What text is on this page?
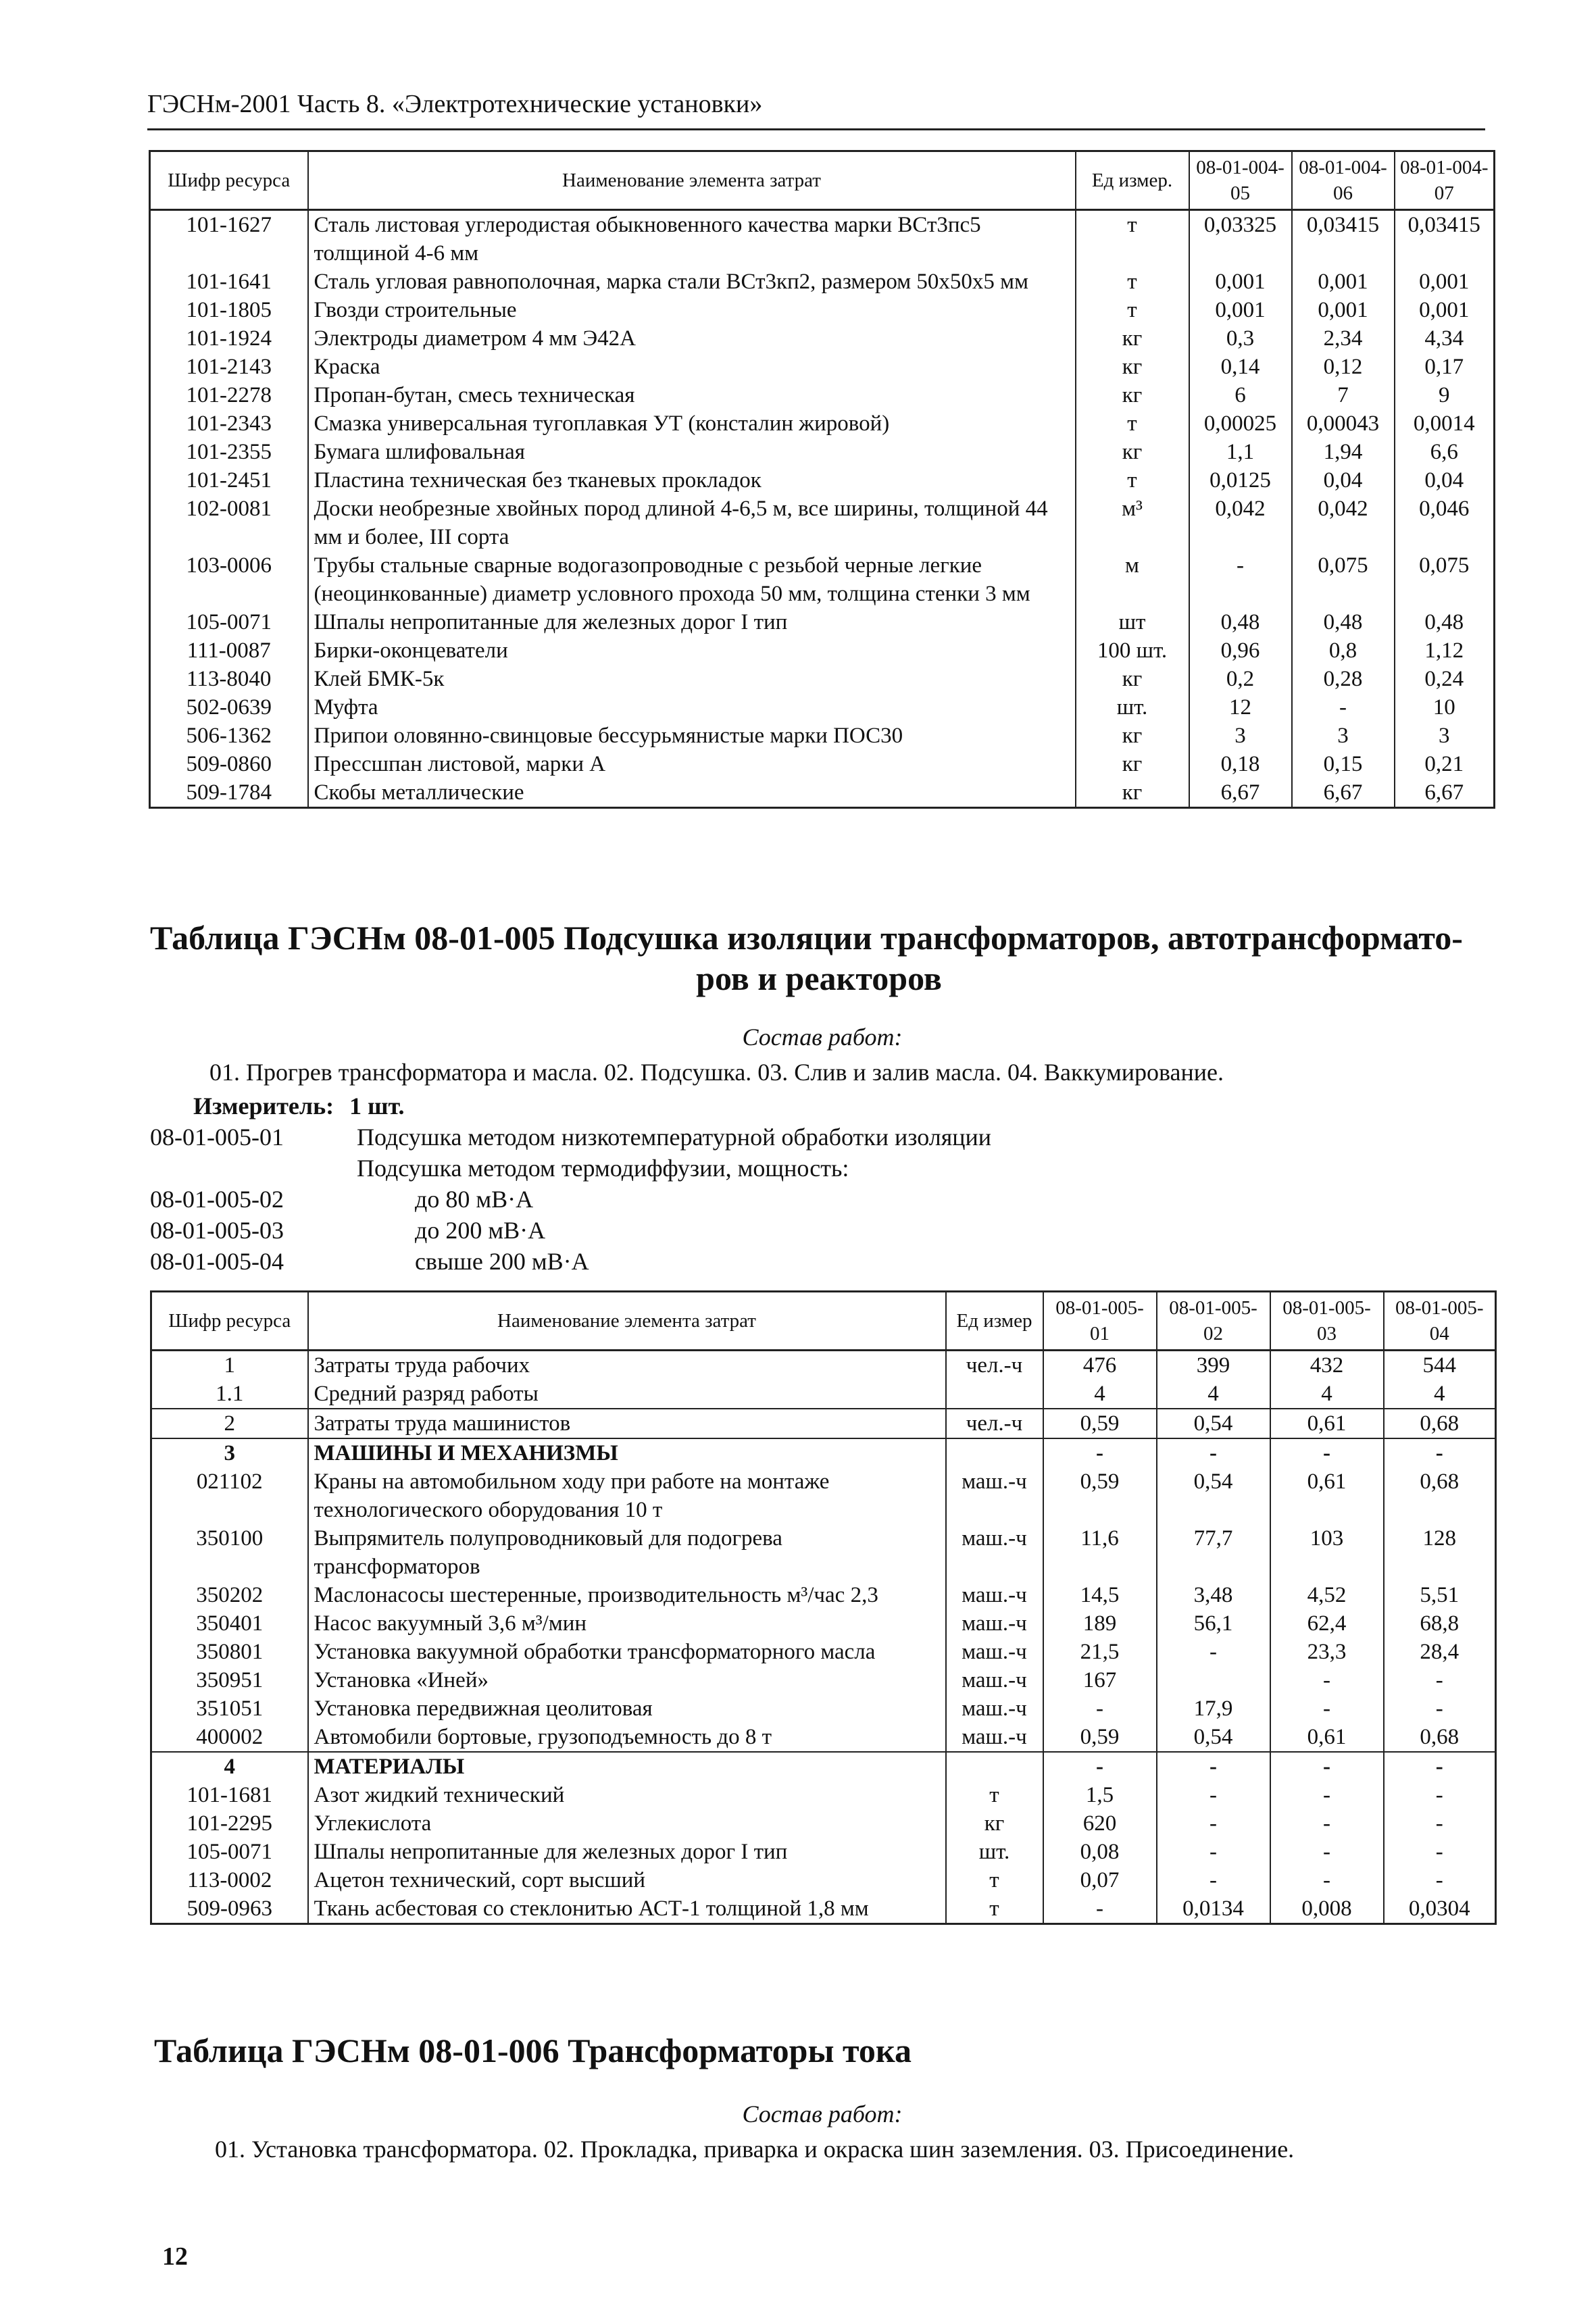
ГЭСНм-2001 Часть 8. «Электротехнические установки»
Шифр ресурса	Наименование элемента затрат	Ед измер.	08-01-004-05	08-01-004-06	08-01-004-07
101-1627	Сталь листовая углеродистая обыкновенного качества марки ВСт3пс5 толщиной 4-6 мм	т	0,03325	0,03415	0,03415
101-1641	Сталь угловая равнополочная, марка стали ВСт3кп2, размером 50х50х5 мм	т	0,001	0,001	0,001
101-1805	Гвозди строительные	т	0,001	0,001	0,001
101-1924	Электроды диаметром 4 мм Э42А	кг	0,3	2,34	4,34
101-2143	Краска	кг	0,14	0,12	0,17
101-2278	Пропан-бутан, смесь техническая	кг	6	7	9
101-2343	Смазка универсальная тугоплавкая УТ (консталин жировой)	т	0,00025	0,00043	0,0014
101-2355	Бумага шлифовальная	кг	1,1	1,94	6,6
101-2451	Пластина техническая без тканевых прокладок	т	0,0125	0,04	0,04
102-0081	Доски необрезные хвойных пород длиной 4-6,5 м, все ширины, толщиной 44 мм и более, III сорта	м³	0,042	0,042	0,046
103-0006	Трубы стальные сварные водогазопроводные с резьбой черные легкие (неоцинкованные) диаметр условного прохода 50 мм, толщина стенки 3 мм	м	-	0,075	0,075
105-0071	Шпалы непропитанные для железных дорог I тип	шт	0,48	0,48	0,48
111-0087	Бирки-оконцеватели	100 шт.	0,96	0,8	1,12
113-8040	Клей БМК-5к	кг	0,2	0,28	0,24
502-0639	Муфта	шт.	12	-	10
506-1362	Припои оловянно-свинцовые бессурьмянистые марки ПОС30	кг	3	3	3
509-0860	Прессшпан листовой, марки А	кг	0,18	0,15	0,21
509-1784	Скобы металлические	кг	6,67	6,67	6,67
Таблица ГЭСНм 08-01-005 Подсушка изоляции трансформаторов, автотрансформато-
ров и реакторов
Состав работ:
01. Прогрев трансформатора и масла. 02. Подсушка. 03. Слив и залив масла. 04. Ваккумирование.
Измеритель: 1 шт.
08-01-005-01	Подсушка методом низкотемпературной обработки изоляции
Подсушка методом термодиффузии, мощность:
08-01-005-02	до 80 мВ·А
08-01-005-03	до 200 мВ·А
08-01-005-04	свыше 200 мВ·А
Шифр ресурса	Наименование элемента затрат	Ед измер	08-01-005-01	08-01-005-02	08-01-005-03	08-01-005-04
1	Затраты труда рабочих	чел.-ч	476	399	432	544
1.1	Средний разряд работы		4	4	4	4
2	Затраты труда машинистов	чел.-ч	0,59	0,54	0,61	0,68
3	МАШИНЫ И МЕХАНИЗМЫ		-	-	-	-
021102	Краны на автомобильном ходу при работе на монтаже технологического оборудования 10 т	маш.-ч	0,59	0,54	0,61	0,68
350100	Выпрямитель полупроводниковый для подогрева трансформаторов	маш.-ч	11,6	77,7	103	128
350202	Маслонасосы шестеренные, производительность м³/час 2,3	маш.-ч	14,5	3,48	4,52	5,51
350401	Насос вакуумный 3,6 м³/мин	маш.-ч	189	56,1	62,4	68,8
350801	Установка вакуумной обработки трансформаторного масла	маш.-ч	21,5	-	23,3	28,4
350951	Установка «Иней»	маш.-ч	167		-	-
351051	Установка передвижная цеолитовая	маш.-ч	-	17,9	-	-
400002	Автомобили бортовые, грузоподъемность до 8 т	маш.-ч	0,59	0,54	0,61	0,68
4	МАТЕРИАЛЫ		-	-	-	-
101-1681	Азот жидкий технический	т	1,5	-	-	-
101-2295	Углекислота	кг	620	-	-	-
105-0071	Шпалы непропитанные для железных дорог I тип	шт.	0,08	-	-	-
113-0002	Ацетон технический, сорт высший	т	0,07	-	-	-
509-0963	Ткань асбестовая со стеклонитью АСТ-1 толщиной 1,8 мм	т	-	0,0134	0,008	0,0304
Таблица ГЭСНм 08-01-006 Трансформаторы тока
Состав работ:
01. Установка трансформатора. 02. Прокладка, приварка и окраска шин заземления. 03. Присоединение.
12
